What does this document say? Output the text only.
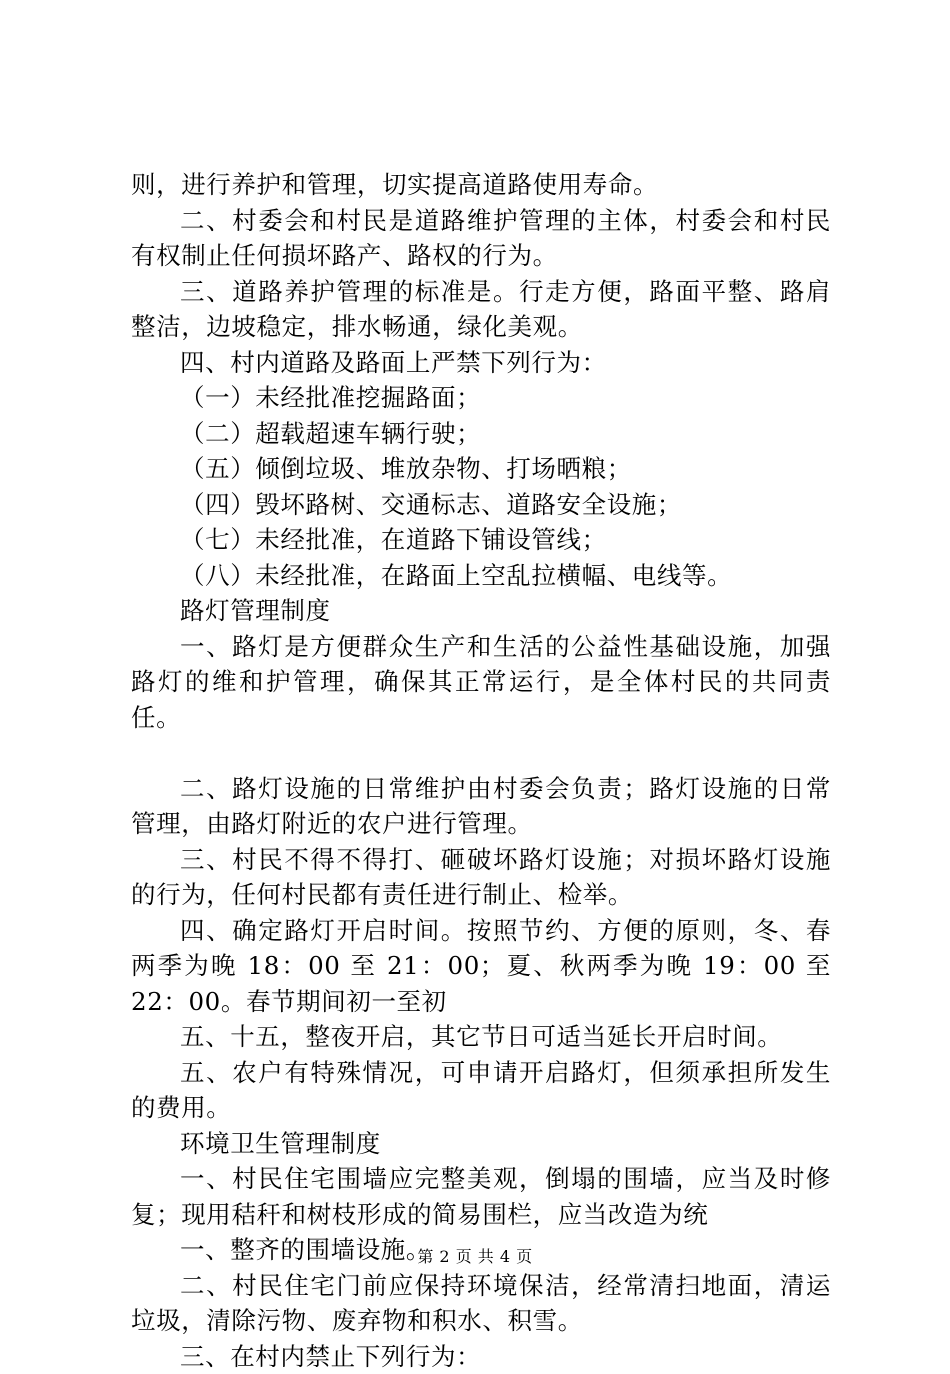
则，进行养护和管理，切实提高道路使用寿命。

二、村委会和村民是道路维护管理的主体，村委会和村民有权制止任何损坏路产、路权的行为。

三、道路养护管理的标准是。行走方便，路面平整、路肩整洁，边坡稳定，排水畅通，绿化美观。

四、村内道路及路面上严禁下列行为：

（一）未经批准挖掘路面；

（二）超载超速车辆行驶；

（五）倾倒垃圾、堆放杂物、打场晒粮；

（四）毁坏路树、交通标志、道路安全设施；

（七）未经批准，在道路下铺设管线；

（八）未经批准，在路面上空乱拉横幅、电线等。

路灯管理制度

一、路灯是方便群众生产和生活的公益性基础设施，加强路灯的维和护管理，确保其正常运行，是全体村民的共同责任。

二、路灯设施的日常维护由村委会负责；路灯设施的日常管理，由路灯附近的农户进行管理。

三、村民不得不得打、砸破坏路灯设施；对损坏路灯设施的行为，任何村民都有责任进行制止、检举。

四、确定路灯开启时间。按照节约、方便的原则，冬、春两季为晚 18：00 至 21：00；夏、秋两季为晚 19：00 至 22：00。春节期间初一至初

五、十五，整夜开启，其它节日可适当延长开启时间。

五、农户有特殊情况，可申请开启路灯，但须承担所发生的费用。

环境卫生管理制度

一、村民住宅围墙应完整美观，倒塌的围墙，应当及时修复；现用秸秆和树枝形成的简易围栏，应当改造为统

一、整齐的围墙设施。

二、村民住宅门前应保持环境保洁，经常清扫地面，清运垃圾，清除污物、废弃物和积水、积雪。

三、在村内禁止下列行为：

第 2 页 共 4 页
